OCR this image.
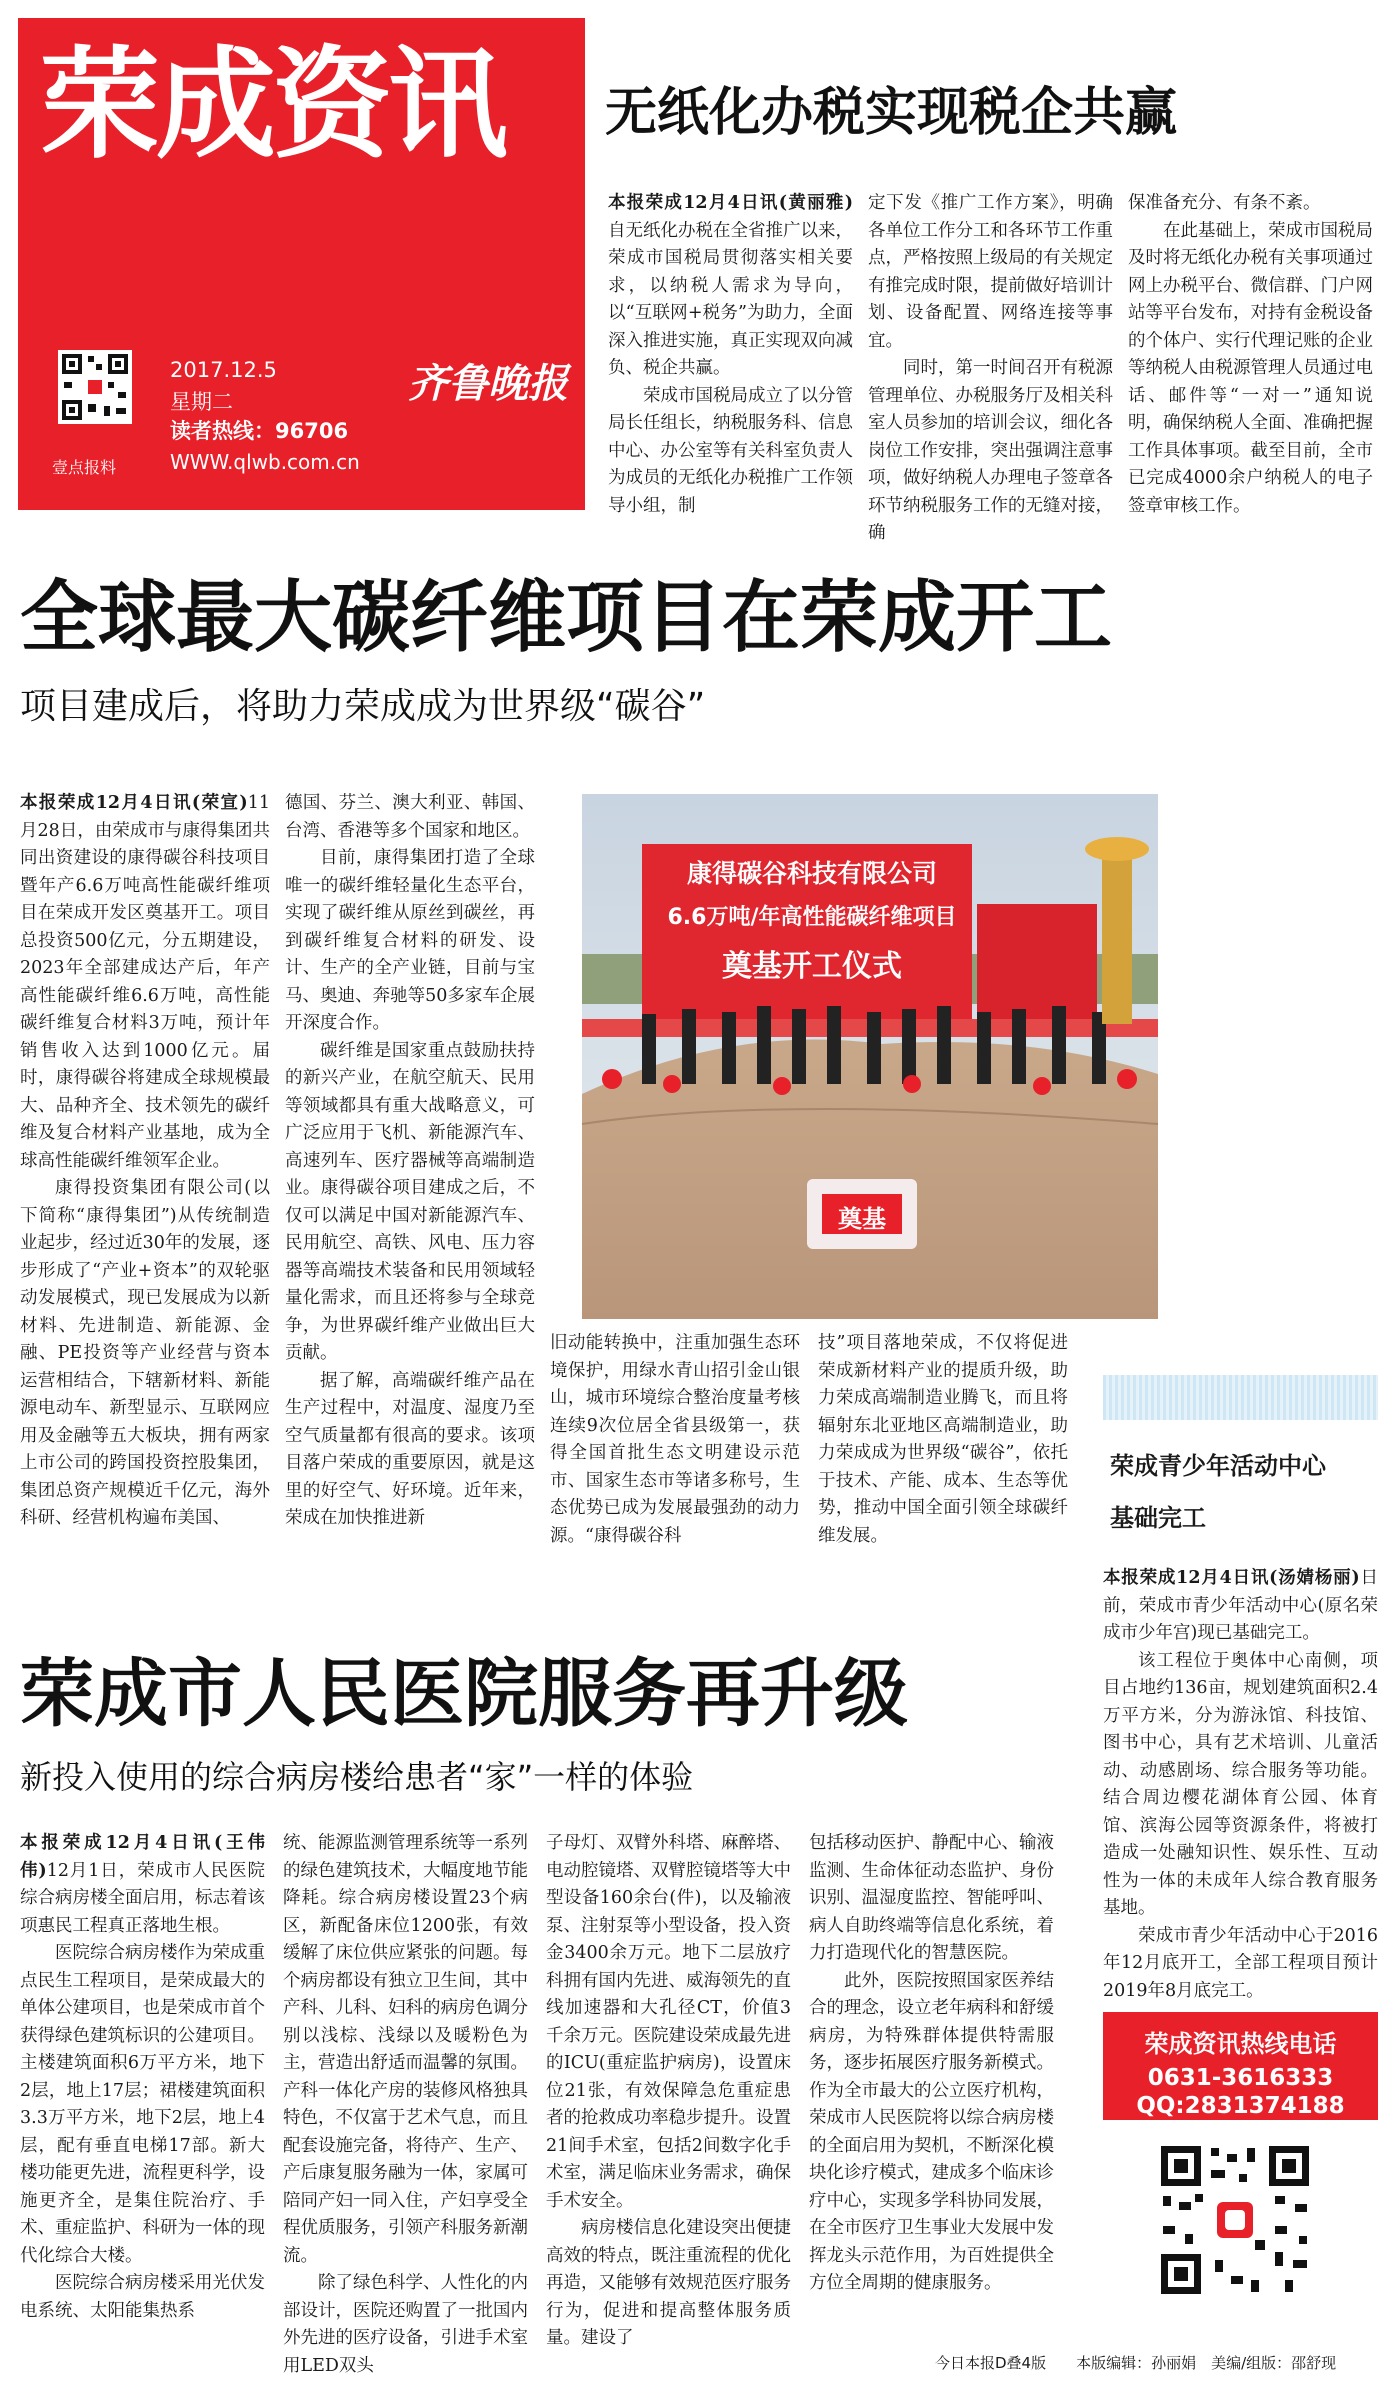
荣成资讯
壹点报料
2017.12.5
星期二	齐鲁晚报
读者热线：96706
WWW.qlwb.com.cn
无纸化办税实现税企共赢

本报荣成12月4日讯(黄丽雅)自无纸化办税在全省推广以来，荣成市国税局贯彻落实相关要求，以纳税人需求为导向，以“互联网+税务”为助力，全面深入推进实施，真正实现双向减负、税企共赢。

荣成市国税局成立了以分管局长任组长，纳税服务科、信息中心、办公室等有关科室负责人为成员的无纸化办税推广工作领导小组，制

定下发《推广工作方案》，明确各单位工作分工和各环节工作重点，严格按照上级局的有关规定有推完成时限，提前做好培训计划、设备配置、网络连接等事宜。

同时，第一时间召开有税源管理单位、办税服务厅及相关科室人员参加的培训会议，细化各岗位工作安排，突出强调注意事项，做好纳税人办理电子签章各环节纳税服务工作的无缝对接，确

保准备充分、有条不紊。

在此基础上，荣成市国税局及时将无纸化办税有关事项通过网上办税平台、微信群、门户网站等平台发布，对持有金税设备的个体户、实行代理记账的企业等纳税人由税源管理人员通过电话、邮件等“一对一”通知说明，确保纳税人全面、准确把握工作具体事项。截至目前，全市已完成4000余户纳税人的电子签章审核工作。

全球最大碳纤维项目在荣成开工
项目建成后，将助力荣成成为世界级“碳谷”

本报荣成12月4日讯(荣宣)11月28日，由荣成市与康得集团共同出资建设的康得碳谷科技项目暨年产6.6万吨高性能碳纤维项目在荣成开发区奠基开工。项目总投资500亿元，分五期建设，2023年全部建成达产后，年产高性能碳纤维6.6万吨，高性能碳纤维复合材料3万吨，预计年销售收入达到1000亿元。届时，康得碳谷将建成全球规模最大、品种齐全、技术领先的碳纤维及复合材料产业基地，成为全球高性能碳纤维领军企业。

康得投资集团有限公司(以下简称“康得集团”)从传统制造业起步，经过近30年的发展，逐步形成了“产业+资本”的双轮驱动发展模式，现已发展成为以新材料、先进制造、新能源、金融、PE投资等产业经营与资本运营相结合，下辖新材料、新能源电动车、新型显示、互联网应用及金融等五大板块，拥有两家上市公司的跨国投资控股集团，集团总资产规模近千亿元，海外科研、经营机构遍布美国、

德国、芬兰、澳大利亚、韩国、台湾、香港等多个国家和地区。

目前，康得集团打造了全球唯一的碳纤维轻量化生态平台，实现了碳纤维从原丝到碳丝，再到碳纤维复合材料的研发、设计、生产的全产业链，目前与宝马、奥迪、奔驰等50多家车企展开深度合作。

碳纤维是国家重点鼓励扶持的新兴产业，在航空航天、民用等领域都具有重大战略意义，可广泛应用于飞机、新能源汽车、高速列车、医疗器械等高端制造业。康得碳谷项目建成之后，不仅可以满足中国对新能源汽车、民用航空、高铁、风电、压力容器等高端技术装备和民用领域轻量化需求，而且还将参与全球竞争，为世界碳纤维产业做出巨大贡献。

据了解，高端碳纤维产品在生产过程中，对温度、湿度乃至空气质量都有很高的要求。该项目落户荣成的重要原因，就是这里的好空气、好环境。近年来，荣成在加快推进新

康得碳谷科技有限公司
6.6万吨/年高性能碳纤维项目
奠基开工仪式
奠基

旧动能转换中，注重加强生态环境保护，用绿水青山招引金山银山，城市环境综合整治度量考核连续9次位居全省县级第一，获得全国首批生态文明建设示范市、国家生态市等诸多称号，生态优势已成为发展最强劲的动力源。“康得碳谷科

技”项目落地荣成，不仅将促进荣成新材料产业的提质升级，助力荣成高端制造业腾飞，而且将辐射东北亚地区高端制造业，助力荣成成为世界级“碳谷”，依托于技术、产能、成本、生态等优势，推动中国全面引领全球碳纤维发展。

荣成青少年活动中心
基础完工

本报荣成12月4日讯(汤婧杨丽)日前，荣成市青少年活动中心(原名荣成市少年宫)现已基础完工。

该工程位于奥体中心南侧，项目占地约136亩，规划建筑面积2.4万平方米，分为游泳馆、科技馆、图书中心，具有艺术培训、儿童活动、动感剧场、综合服务等功能。结合周边樱花湖体育公园、体育馆、滨海公园等资源条件，将被打造成一处融知识性、娱乐性、互动性为一体的未成年人综合教育服务基地。

荣成市青少年活动中心于2016年12月底开工，全部工程项目预计2019年8月底完工。

荣成市人民医院服务再升级
新投入使用的综合病房楼给患者“家”一样的体验

本报荣成12月4日讯(王伟伟)12月1日，荣成市人民医院综合病房楼全面启用，标志着该项惠民工程真正落地生根。

医院综合病房楼作为荣成重点民生工程项目，是荣成最大的单体公建项目，也是荣成市首个获得绿色建筑标识的公建项目。主楼建筑面积6万平方米，地下2层，地上17层；裙楼建筑面积3.3万平方米，地下2层，地上4层，配有垂直电梯17部。新大楼功能更先进，流程更科学，设施更齐全，是集住院治疗、手术、重症监护、科研为一体的现代化综合大楼。

医院综合病房楼采用光伏发电系统、太阳能集热系

统、能源监测管理系统等一系列的绿色建筑技术，大幅度地节能降耗。综合病房楼设置23个病区，新配备床位1200张，有效缓解了床位供应紧张的问题。每个病房都设有独立卫生间，其中产科、儿科、妇科的病房色调分别以浅棕、浅绿以及暖粉色为主，营造出舒适而温馨的氛围。产科一体化产房的装修风格独具特色，不仅富于艺术气息，而且配套设施完备，将待产、生产、产后康复服务融为一体，家属可陪同产妇一同入住，产妇享受全程优质服务，引领产科服务新潮流。

除了绿色科学、人性化的内部设计，医院还购置了一批国内外先进的医疗设备，引进手术室用LED双头

子母灯、双臂外科塔、麻醉塔、电动腔镜塔、双臂腔镜塔等大中型设备160余台(件)，以及输液泵、注射泵等小型设备，投入资金3400余万元。地下二层放疗科拥有国内先进、威海领先的直线加速器和大孔径CT，价值3千余万元。医院建设荣成最先进的ICU(重症监护病房)，设置床位21张，有效保障急危重症患者的抢救成功率稳步提升。设置21间手术室，包括2间数字化手术室，满足临床业务需求，确保手术安全。

病房楼信息化建设突出便捷高效的特点，既注重流程的优化再造，又能够有效规范医疗服务行为，促进和提高整体服务质量。建设了

包括移动医护、静配中心、输液监测、生命体征动态监护、身份识别、温湿度监控、智能呼叫、病人自助终端等信息化系统，着力打造现代化的智慧医院。

此外，医院按照国家医养结合的理念，设立老年病科和舒缓病房，为特殊群体提供特需服务，逐步拓展医疗服务新模式。作为全市最大的公立医疗机构，荣成市人民医院将以综合病房楼的全面启用为契机，不断深化模块化诊疗模式，建成多个临床诊疗中心，实现多学科协同发展，在全市医疗卫生事业大发展中发挥龙头示范作用，为百姓提供全方位全周期的健康服务。

荣成资讯热线电话
0631-3616333
QQ:2831374188
今日本报D叠4版　　本版编辑：孙丽娟　美编/组版：邵舒现
